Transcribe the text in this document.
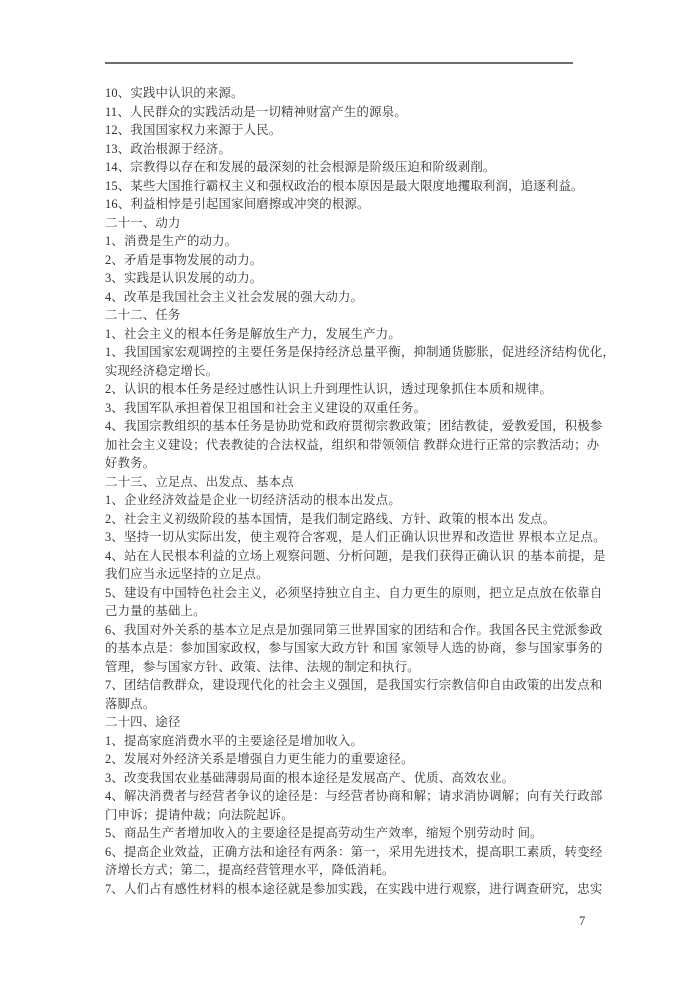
10、实践中认识的来源。
11、人民群众的实践活动是一切精神财富产生的源泉。
12、我国国家权力来源于人民。
13、政治根源于经济。
14、宗教得以存在和发展的最深刻的社会根源是阶级压迫和阶级剥削。
15、某些大国推行霸权主义和强权政治的根本原因是最大限度地攫取利润，追逐利益。
16、利益相悖是引起国家间磨擦或冲突的根源。
二十一、动力
1、消费是生产的动力。
2、矛盾是事物发展的动力。
3、实践是认识发展的动力。
4、改革是我国社会主义社会发展的强大动力。
二十二、任务
1、社会主义的根本任务是解放生产力，发展生产力。
1、我国国家宏观调控的主要任务是保持经济总量平衡，抑制通货膨胀，促进经济结构优化，
实现经济稳定增长。
2、认识的根本任务是经过感性认识上升到理性认识，透过现象抓住本质和规律。
3、我国军队承担着保卫祖国和社会主义建设的双重任务。
4、我国宗教组织的基本任务是协助党和政府贯彻宗教政策；团结教徒，爱教爱国，积极参
加社会主义建设；代表教徒的合法权益，组织和带领领信 教群众进行正常的宗教活动；办
好教务。
二十三、立足点、出发点、基本点
1、企业经济效益是企业一切经济活动的根本出发点。
2、社会主义初级阶段的基本国情，是我们制定路线、方针、政策的根本出 发点。
3、坚持一切从实际出发，使主观符合客观，是人们正确认识世界和改造世 界根本立足点。
4、站在人民根本利益的立场上观察问题、分析问题，是我们获得正确认识 的基本前提，是
我们应当永远坚持的立足点。
5、建设有中国特色社会主义，必须坚持独立自主、自力更生的原则，把立足点放在依靠自
己力量的基础上。
6、我国对外关系的基本立足点是加强同第三世界国家的团结和合作。我国各民主党派参政
的基本点是：参加国家政权，参与国家大政方针 和国 家领导人选的协商，参与国家事务的
管理，参与国家方针、政策、法律、法规的制定和执行。
7、团结信教群众，建设现代化的社会主义强国，是我国实行宗教信仰自由政策的出发点和
落脚点。
二十四、途径
1、提高家庭消费水平的主要途径是增加收入。
2、发展对外经济关系是增强自力更生能力的重要途径。
3、改变我国农业基础薄弱局面的根本途径是发展高产、优质、高效农业。
4、解决消费者与经营者争议的途径是：与经营者协商和解；请求消协调解；向有关行政部
门申诉；提请仲裁；向法院起诉。
5、商品生产者增加收入的主要途径是提高劳动生产效率，缩短个别劳动时 间。
6、提高企业效益，正确方法和途径有两条：第一，采用先进技术，提高职工素质，转变经
济增长方式；第二，提高经营管理水平，降低消耗。
7、人们占有感性材料的根本途径就是参加实践，在实践中进行观察，进行调查研究，忠实
7
